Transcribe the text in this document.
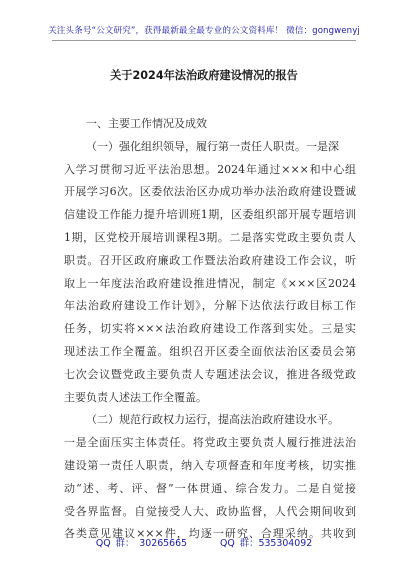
关注头条号“公文研究”，获得最新最全最专业的公文资料库！ 微信：gongwenyj
关于2024年法治政府建设情况的报告
一、主要工作情况及成效
（一）强化组织领导，履行第一责任人职责。一是深
入学习贯彻习近平法治思想。2024年通过×××和中心组
开展学习6次。区委依法治区办成功举办法治政府建设暨诚
信建设工作能力提升培训班1期，区委组织部开展专题培训
1期，区党校开展培训课程3期。二是落实党政主要负责人
职责。召开区政府廉政工作暨法治政府建设工作会议，听
取上一年度法治政府建设推进情况，制定《×××区2024
年法治政府建设工作计划》，分解下达依法行政目标工作
任务，切实将×××法治政府建设工作落到实处。三是实
现述法工作全覆盖。组织召开区委全面依法治区委员会第
七次会议暨党政主要负责人专题述法会议，推进各级党政
主要负责人述法工作全覆盖。
（二）规范行政权力运行，提高法治政府建设水平。
一是全面压实主体责任。将党政主要负责人履行推进法治
建设第一责任人职责，纳入专项督查和年度考核，切实推
动“述、考、评、督”一体贯通、综合发力。二是自觉接
受各界监督。自觉接受人大、政协监督，人代会期间收到
各类意见建议×××件，均逐一研究、合理采纳。共收到
QQ 群： 30265665	QQ 群：535304092
